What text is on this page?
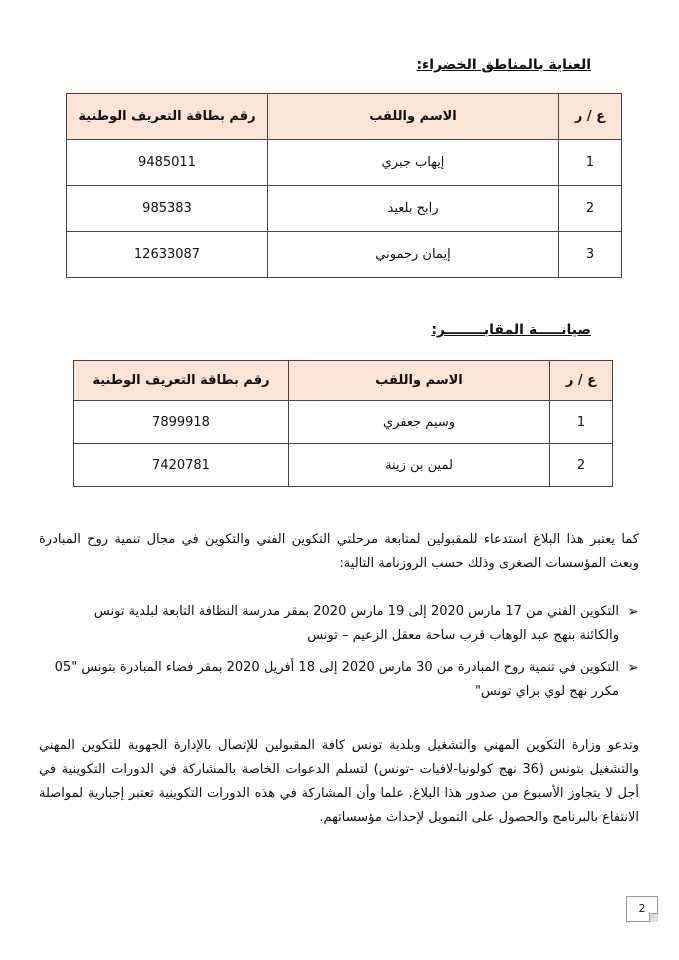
العناية بالمناطق الخضراء:
ع / ر	الاسم واللقب	رقم بطاقة التعريف الوطنية
1	إيهاب جبري	9485011
2	رابح بلعيد	985383
3	إيمان رحموني	12633087
صيانـــــة المقابــــــــر:
ع / ر	الاسم واللقب	رقم بطاقة التعريف الوطنية
1	وسيم جعفري	7899918
2	لمين بن زينة	7420781
كما يعتبر هذا البلاغ استدعاء للمقبولين لمتابعة مرحلتي التكوين الفني والتكوين في مجال تنمية روح المبادرة وبعث المؤسسات الصغرى وذلك حسب الروزنامة التالية:
➢
التكوين الفني من 17 مارس 2020 إلى 19 مارس 2020 بمقر مدرسة النظافة التابعة لبلدية تونس والكائنة بنهج عبد الوهاب قرب ساحة معقل الزعيم – تونس
➢
التكوين في تنمية روح المبادرة من 30 مارس 2020 إلى 18 أفريل 2020 بمقر فضاء المبادرة بتونس "05 مكرر نهج لوي براي تونس"
وتدعو وزارة التكوين المهني والتشغيل وبلدية تونس كافة المقبولين للإتصال بالإدارة الجهوية للتكوين المهني والتشغيل بتونس (36 نهج كولونيا-لافيات -تونس) لتسلم الدعوات الخاصة بالمشاركة في الدورات التكوينية في أجل لا يتجاوز الأسبوع من صدور هذا البلاغ. علما وأن المشاركة في هذه الدورات التكوينية تعتبر إجبارية لمواصلة الانتفاع بالبرنامج والحصول على التمويل لإحداث مؤسساتهم.
2
